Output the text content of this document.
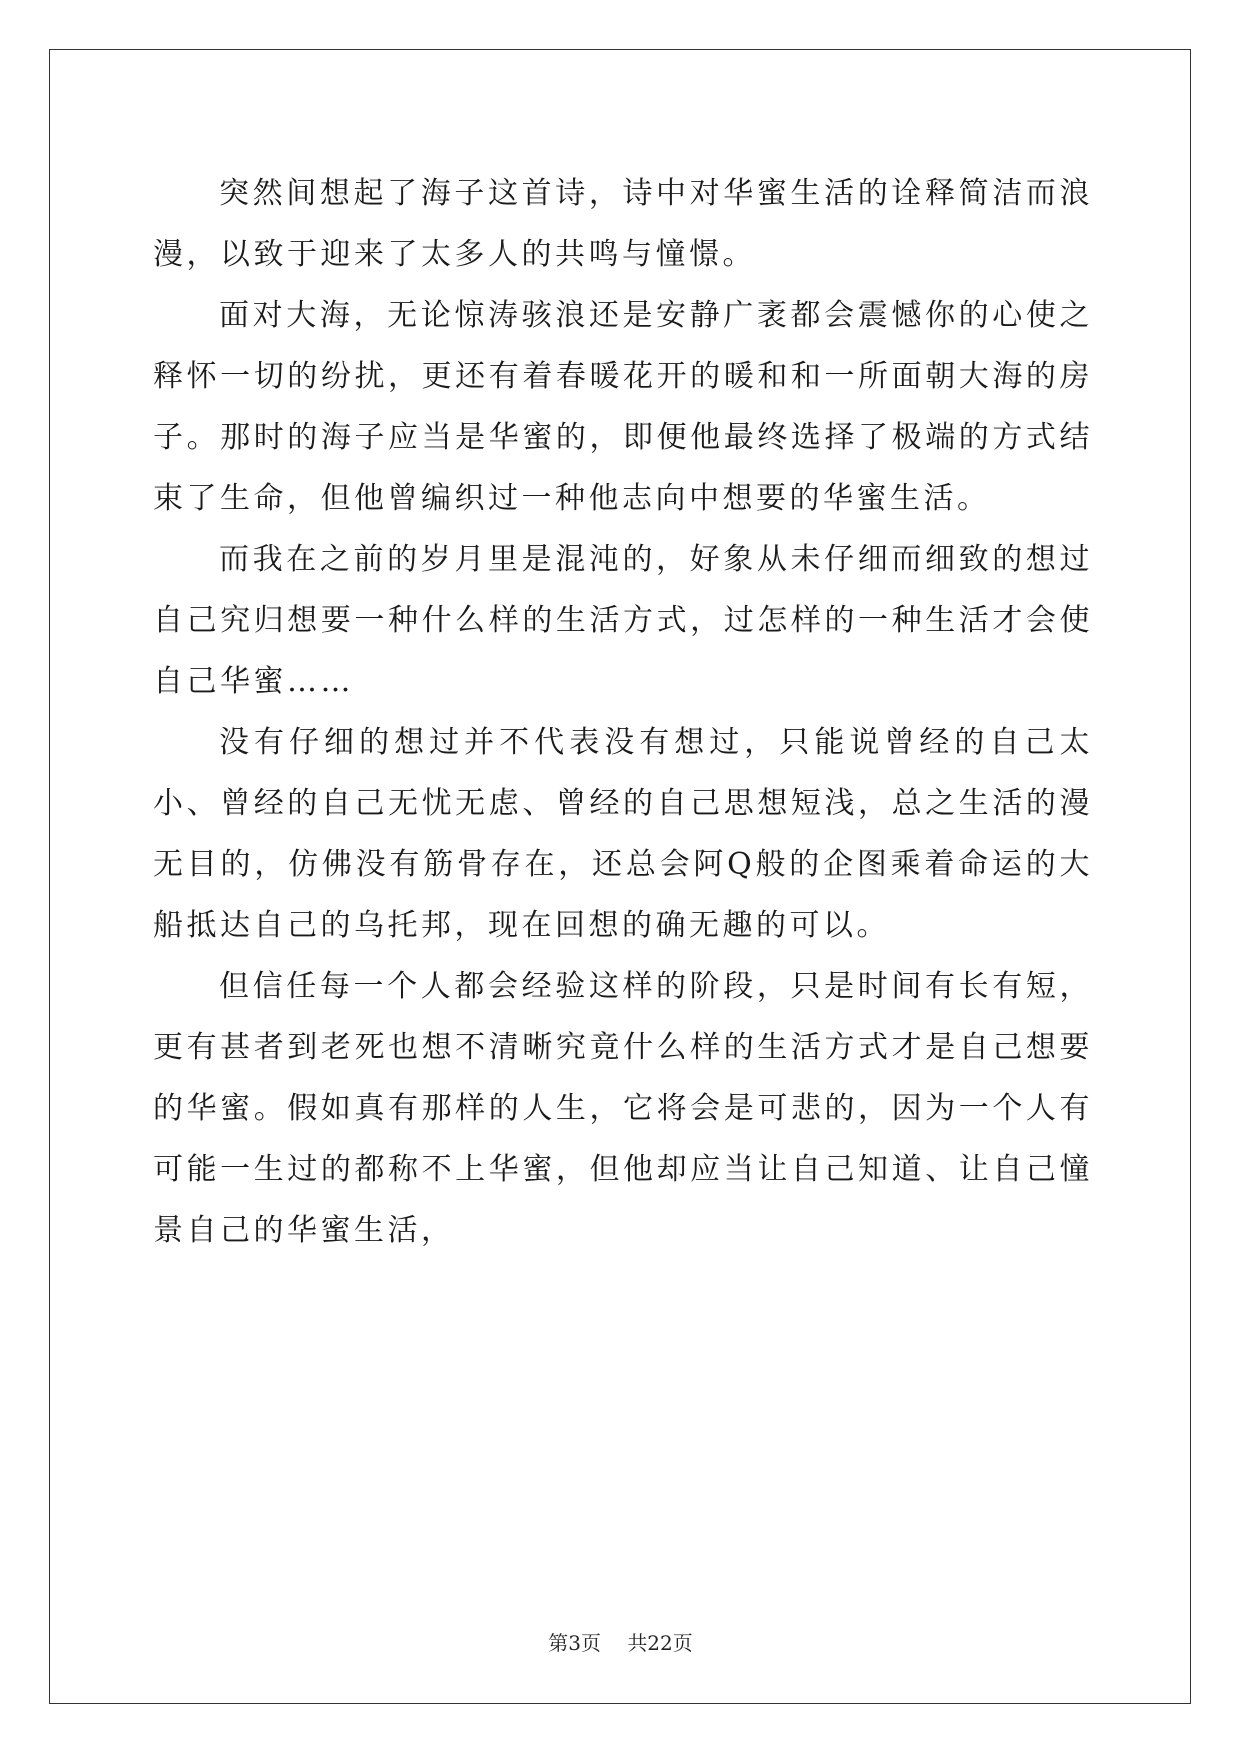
突然间想起了海子这首诗，诗中对华蜜生活的诠释简洁而浪漫，以致于迎来了太多人的共鸣与憧憬。

面对大海，无论惊涛骇浪还是安静广袤都会震憾你的心使之释怀一切的纷扰，更还有着春暖花开的暖和和一所面朝大海的房子。那时的海子应当是华蜜的，即便他最终选择了极端的方式结束了生命，但他曾编织过一种他志向中想要的华蜜生活。

而我在之前的岁月里是混沌的，好象从未仔细而细致的想过自己究归想要一种什么样的生活方式，过怎样的一种生活才会使自己华蜜……

没有仔细的想过并不代表没有想过，只能说曾经的自己太小、曾经的自己无忧无虑、曾经的自己思想短浅，总之生活的漫无目的，仿佛没有筋骨存在，还总会阿Q般的企图乘着命运的大船抵达自己的乌托邦，现在回想的确无趣的可以。

但信任每一个人都会经验这样的阶段，只是时间有长有短，更有甚者到老死也想不清晰究竟什么样的生活方式才是自己想要的华蜜。假如真有那样的人生，它将会是可悲的，因为一个人有可能一生过的都称不上华蜜，但他却应当让自己知道、让自己憧景自己的华蜜生活，

第3页 共22页
